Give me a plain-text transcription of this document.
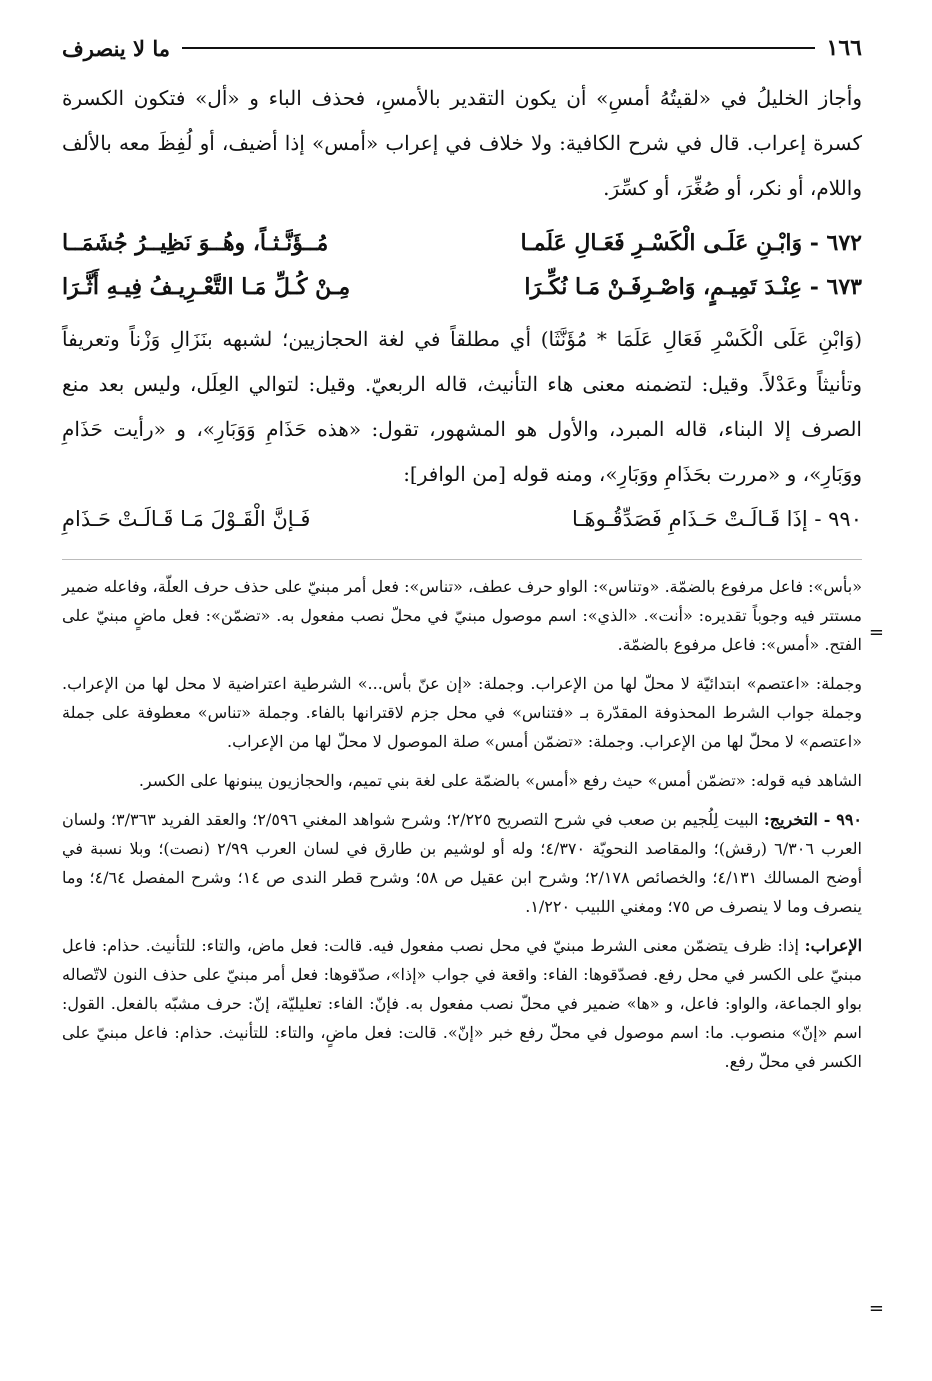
١٦٦
ما لا ينصرف

وأجاز الخليلُ في «لقيتُهُ أمسِ» أن يكون التقدير بالأمسِ، فحذف الباء و «أل» فتكون الكسرة كسرة إعراب. قال في شرح الكافية: ولا خلاف في إعراب «أمس» إذا أضيف، أو لُفِظَ معه بالألف واللام، أو نكر، أو صُغِّرَ، أو كسِّرَ.

٦٧٢ - وَابْـنِ عَلَـى الْكَسْـرِ فَعَـالِ عَلَمـا
مُــؤَنَّـثـاً، وهُــوَ نَظِيــرُ جُشَمَــا
٦٧٣ - عِنْـدَ تَمِيـمٍ، وَاصْـرِفَـنْ مَـا نُكِّـرَا
مِـنْ كُـلِّ مَـا التَّعْـرِيـفُ فِيـهِ أَثَّـرَا

(وَابْنِ عَلَى الْكَسْرِ فَعَالِ عَلَمَا * مُؤَنَّثَا) أي مطلقاً في لغة الحجازيين؛ لشبهه بنَزَالِ وَزْناً وتعريفاً وتأنيثاً وعَدْلاً. وقيل: لتضمنه معنى هاء التأنيث، قاله الربعيّ. وقيل: لتوالي العِلَل، وليس بعد منع الصرف إلا البناء، قاله المبرد، والأول هو المشهور، تقول: «هذه حَذَامِ وَوَبَارِ»، و «رأيت حَذَامِ ووَبَارِ»، و «مررت بحَذَامِ ووَبَارِ»، ومنه قوله [من الوافر]:

٩٩٠ - إذَا قَـالَـتْ حَـذَامِ فَصَدِّقُـوهَـا
فَـإنَّ الْقَـوْلَ مَـا قَـالَـتْ حَـذَامِ

«بأس»: فاعل مرفوع بالضمّة. «وتناس»: الواو حرف عطف، «تناس»: فعل أمر مبنيّ على حذف حرف العلّة، وفاعله ضمير مستتر فيه وجوباً تقديره: «أنت». «الذي»: اسم موصول مبنيّ في محلّ نصب مفعول به. «تضمّن»: فعل ماضٍ مبنيّ على الفتح. «أمس»: فاعل مرفوع بالضمّة.

وجملة: «اعتصم» ابتدائيّة لا محلّ لها من الإعراب. وجملة: «إن عنّ بأس...» الشرطية اعتراضية لا محل لها من الإعراب. وجملة جواب الشرط المحذوفة المقدّرة بـ «فتناس» في محل جزم لاقترانها بالفاء. وجملة «تناس» معطوفة على جملة «اعتصم» لا محلّ لها من الإعراب. وجملة: «تضمّن أمس» صلة الموصول لا محلّ لها من الإعراب.

الشاهد فيه قوله: «تضمّن أمس» حيث رفع «أمس» بالضمّة على لغة بني تميم، والحجازيون يبنونها على الكسر.

٩٩٠ - التخريج: البيت لِلُجيم بن صعب في شرح التصريح ٢/٢٢٥؛ وشرح شواهد المغني ٢/٥٩٦؛ والعقد الفريد ٣/٣٦٣؛ ولسان العرب ٦/٣٠٦ (رقش)؛ والمقاصد النحويّة ٤/٣٧٠؛ وله أو لوشيم بن طارق في لسان العرب ٢/٩٩ (نصت)؛ وبلا نسبة في أوضح المسالك ٤/١٣١؛ والخصائص ٢/١٧٨؛ وشرح ابن عقيل ص ٥٨؛ وشرح قطر الندى ص ١٤؛ وشرح المفصل ٤/٦٤؛ وما ينصرف وما لا ينصرف ص ٧٥؛ ومغني اللبيب ١/٢٢٠.

الإعراب: إذا: ظرف يتضمّن معنى الشرط مبنيّ في محل نصب مفعول فيه. قالت: فعل ماض، والتاء: للتأنيث. حذام: فاعل مبنيّ على الكسر في محل رفع. فصدّقوها: الفاء: واقعة في جواب «إذا»، صدّقوها: فعل أمر مبنيّ على حذف النون لاتّصاله بواو الجماعة، والواو: فاعل، و «ها» ضمير في محلّ نصب مفعول به. فإنّ: الفاء: تعليليّة، إنّ: حرف مشبّه بالفعل. القول: اسم «إنّ» منصوب. ما: اسم موصول في محلّ رفع خبر «إنّ». قالت: فعل ماضٍ، والتاء: للتأنيث. حذام: فاعل مبنيّ على الكسر في محلّ رفع.

=
=
